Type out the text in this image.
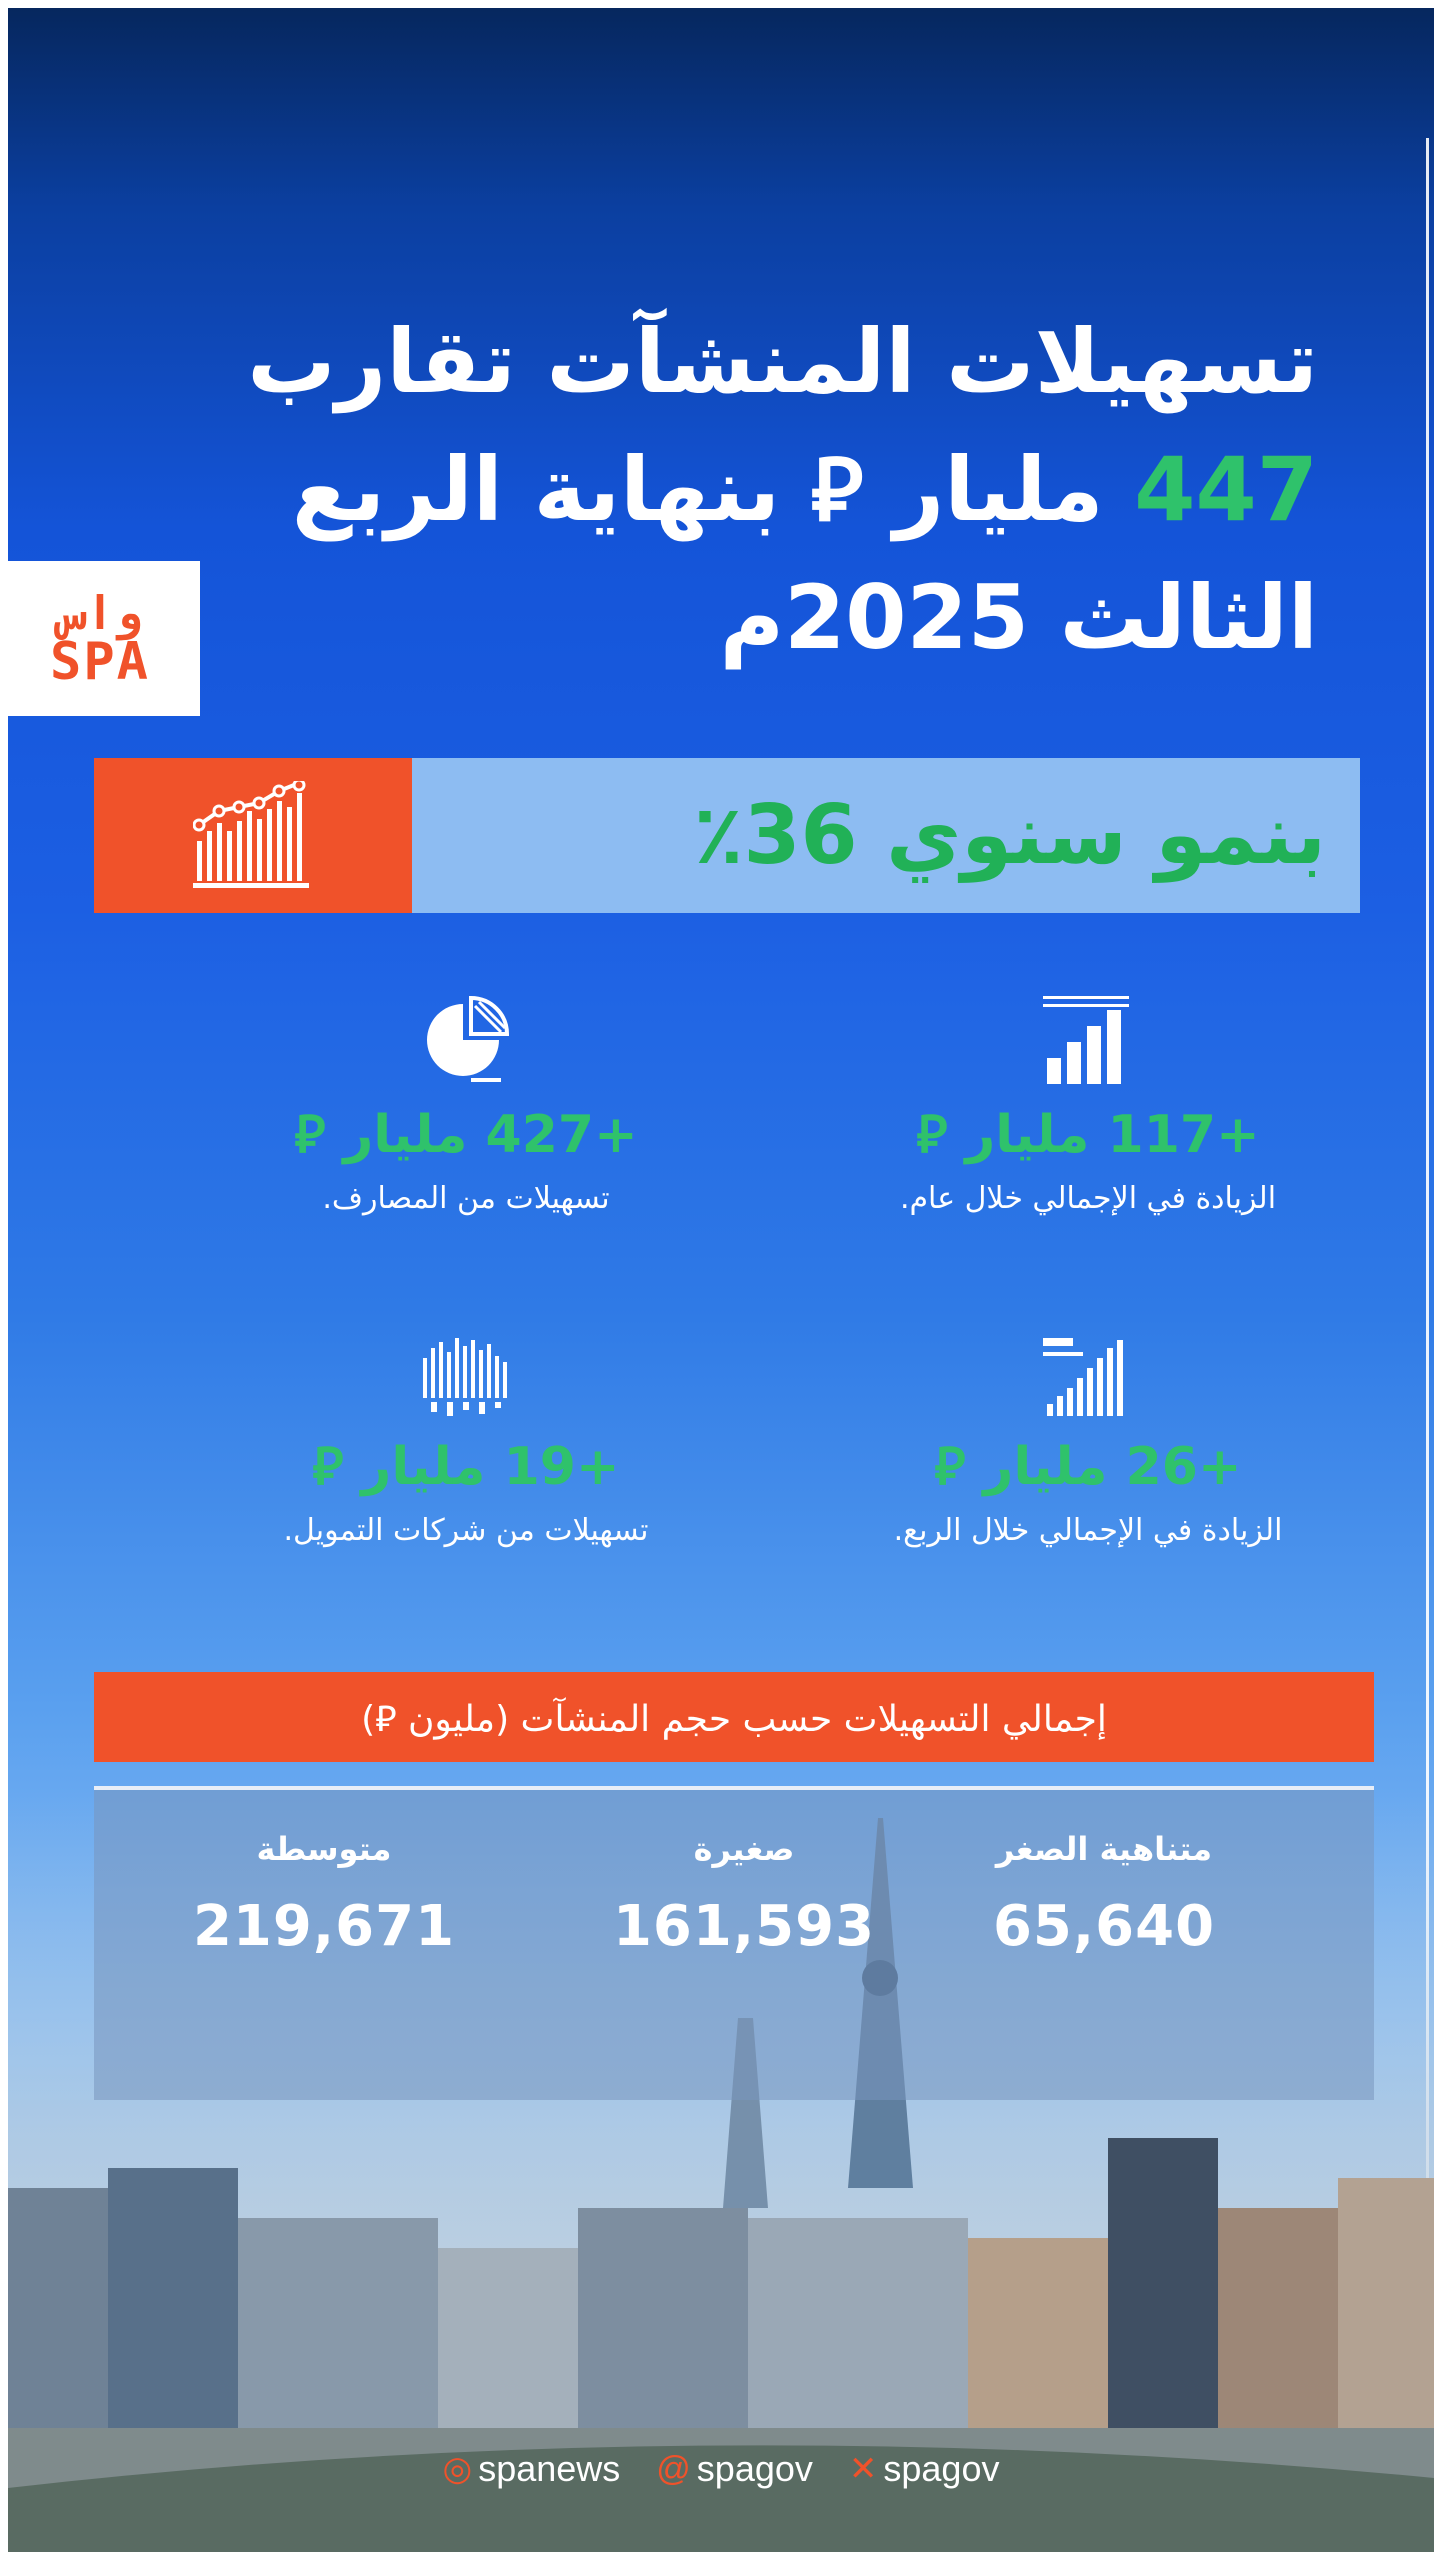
واس
SPA
تسهيلات المنشآت تقارب
447 مليار ⃁ بنهاية الربع
الثالث 2025م
بنمو سنوي 36٪
+117 مليار ⃁
الزيادة في الإجمالي خلال عام.
+427 مليار ⃁
تسهيلات من المصارف.
+26 مليار ⃁
الزيادة في الإجمالي خلال الربع.
+19 مليار ⃁
تسهيلات من شركات التمويل.
إجمالي التسهيلات حسب حجم المنشآت (مليون ⃁)
متناهية الصغر
65,640
صغيرة
161,593
متوسطة
219,671
◎ spanews @ spagov ✕ spagov
